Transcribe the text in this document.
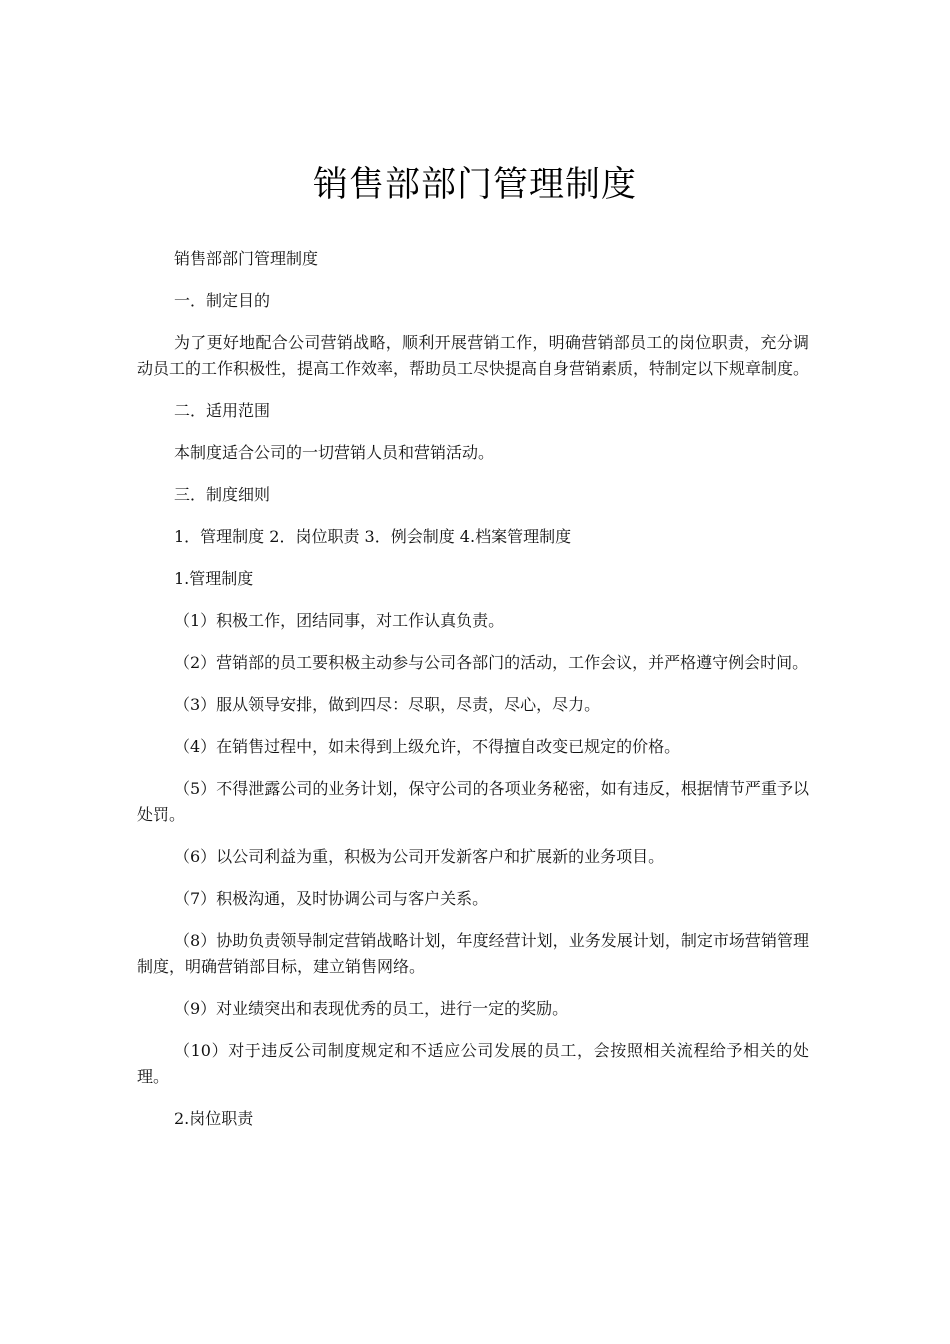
销售部部门管理制度

销售部部门管理制度

一．制定目的

为了更好地配合公司营销战略，顺利开展营销工作，明确营销部员工的岗位职责，充分调动员工的工作积极性，提高工作效率，帮助员工尽快提高自身营销素质，特制定以下规章制度。

二．适用范围

本制度适合公司的一切营销人员和营销活动。

三．制度细则

1．管理制度 2．岗位职责 3．例会制度 4.档案管理制度

1.管理制度

（1）积极工作，团结同事，对工作认真负责。

（2）营销部的员工要积极主动参与公司各部门的活动，工作会议，并严格遵守例会时间。

（3）服从领导安排，做到四尽：尽职，尽责，尽心，尽力。

（4）在销售过程中，如未得到上级允许，不得擅自改变已规定的价格。

（5）不得泄露公司的业务计划，保守公司的各项业务秘密，如有违反，根据情节严重予以处罚。

（6）以公司利益为重，积极为公司开发新客户和扩展新的业务项目。

（7）积极沟通，及时协调公司与客户关系。

（8）协助负责领导制定营销战略计划，年度经营计划，业务发展计划，制定市场营销管理制度，明确营销部目标，建立销售网络。

（9）对业绩突出和表现优秀的员工，进行一定的奖励。

（10）对于违反公司制度规定和不适应公司发展的员工，会按照相关流程给予相关的处理。

2.岗位职责
